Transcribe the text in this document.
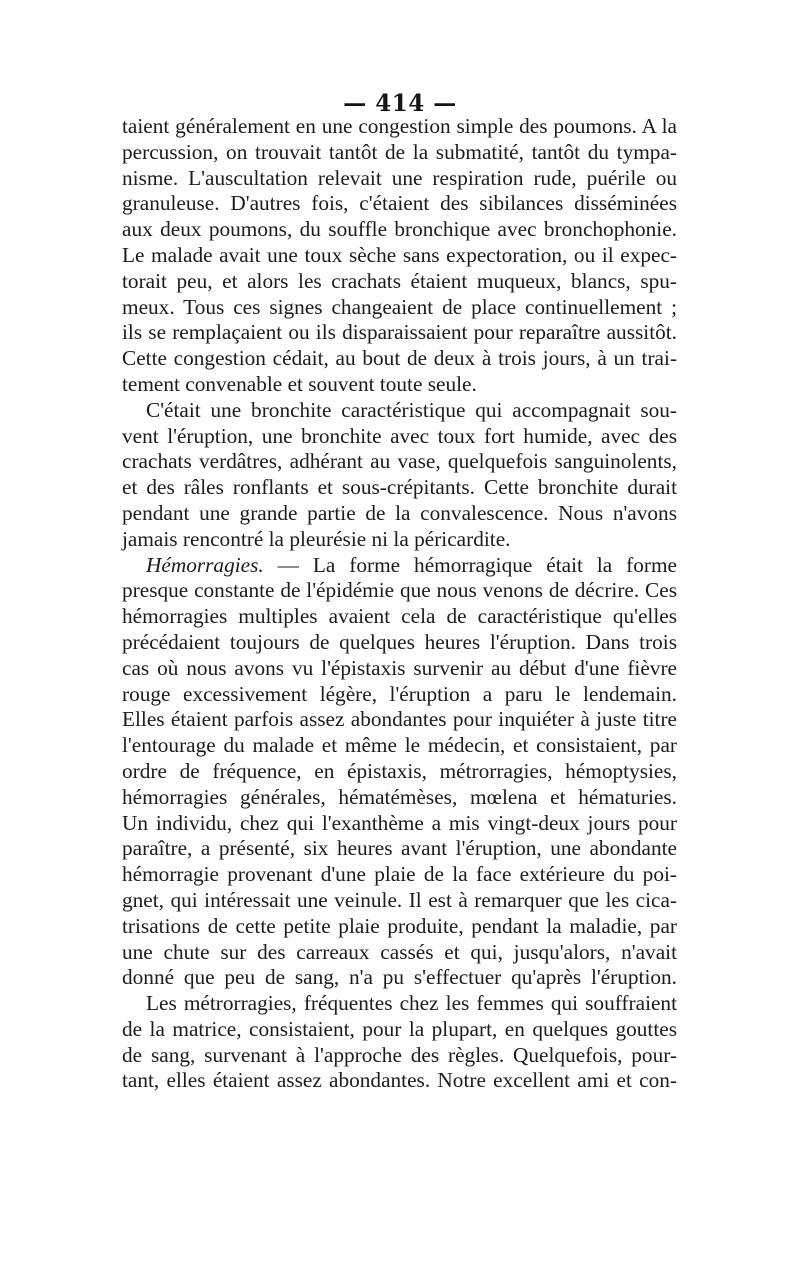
— 414 —
taient généralement en une congestion simple des poumons. A la
percussion, on trouvait tantôt de la submatité, tantôt du tympa-
nisme. L'auscultation relevait une respiration rude, puérile ou
granuleuse. D'autres fois, c'étaient des sibilances disséminées
aux deux poumons, du souffle bronchique avec bronchophonie.
Le malade avait une toux sèche sans expectoration, ou il expec-
torait peu, et alors les crachats étaient muqueux, blancs, spu-
meux. Tous ces signes changeaient de place continuellement ;
ils se remplaçaient ou ils disparaissaient pour reparaître aussitôt.
Cette congestion cédait, au bout de deux à trois jours, à un trai-
tement convenable et souvent toute seule.
C'était une bronchite caractéristique qui accompagnait sou-
vent l'éruption, une bronchite avec toux fort humide, avec des
crachats verdâtres, adhérant au vase, quelquefois sanguinolents,
et des râles ronflants et sous-crépitants. Cette bronchite durait
pendant une grande partie de la convalescence. Nous n'avons
jamais rencontré la pleurésie ni la péricardite.
Hémorragies. — La forme hémorragique était la forme
presque constante de l'épidémie que nous venons de décrire. Ces
hémorragies multiples avaient cela de caractéristique qu'elles
précédaient toujours de quelques heures l'éruption. Dans trois
cas où nous avons vu l'épistaxis survenir au début d'une fièvre
rouge excessivement légère, l'éruption a paru le lendemain.
Elles étaient parfois assez abondantes pour inquiéter à juste titre
l'entourage du malade et même le médecin, et consistaient, par
ordre de fréquence, en épistaxis, métrorragies, hémoptysies,
hémorragies générales, hématémèses, mœlena et hématuries.
Un individu, chez qui l'exanthème a mis vingt-deux jours pour
paraître, a présenté, six heures avant l'éruption, une abondante
hémorragie provenant d'une plaie de la face extérieure du poi-
gnet, qui intéressait une veinule. Il est à remarquer que les cica-
trisations de cette petite plaie produite, pendant la maladie, par
une chute sur des carreaux cassés et qui, jusqu'alors, n'avait
donné que peu de sang, n'a pu s'effectuer qu'après l'éruption.
Les métrorragies, fréquentes chez les femmes qui souffraient
de la matrice, consistaient, pour la plupart, en quelques gouttes
de sang, survenant à l'approche des règles. Quelquefois, pour-
tant, elles étaient assez abondantes. Notre excellent ami et con-
